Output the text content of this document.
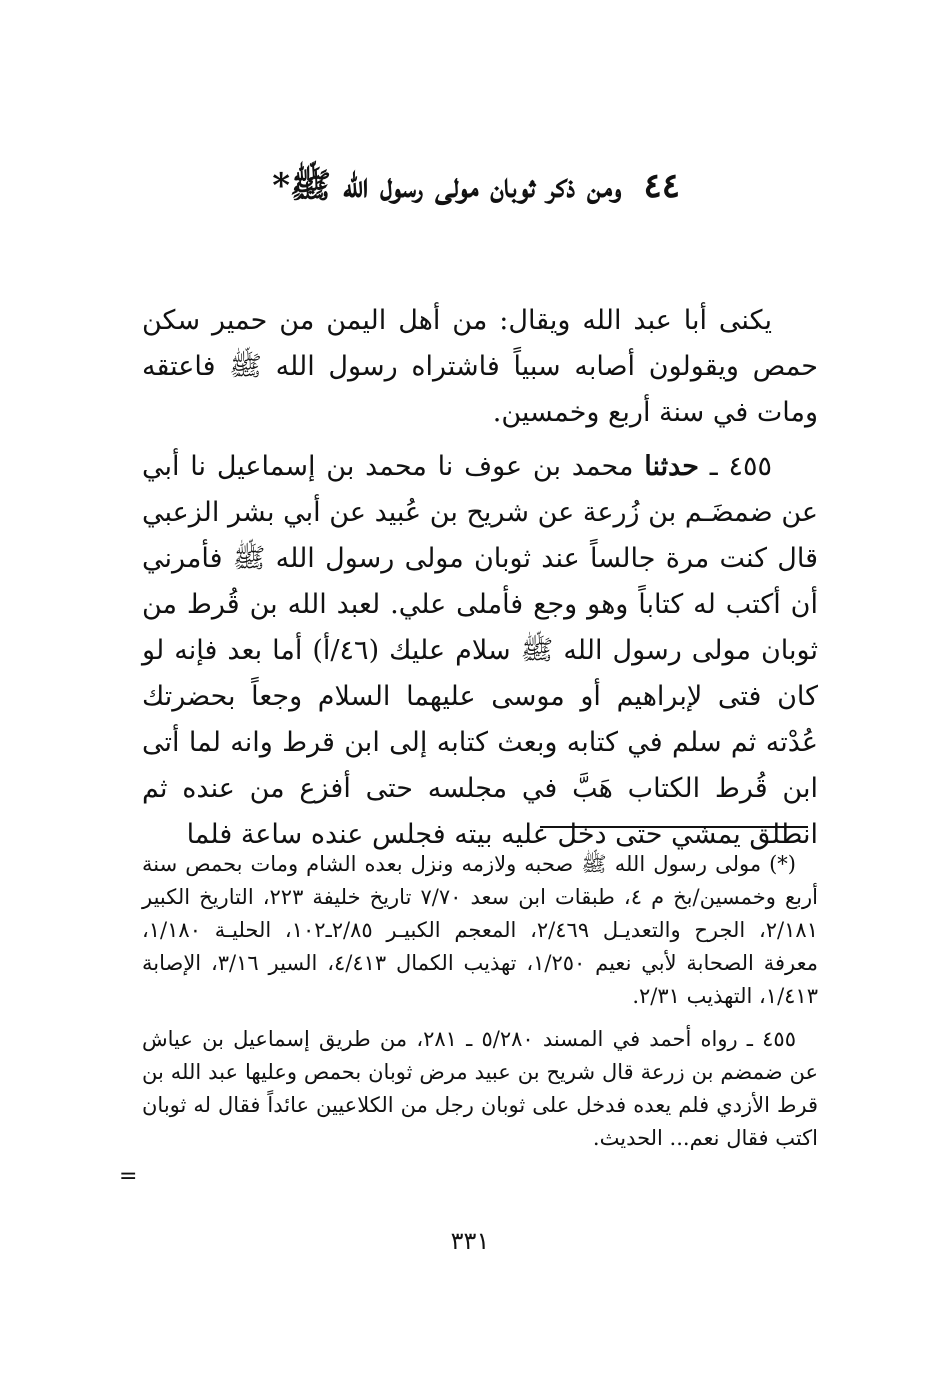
٤٤ومن ذكر ثوبان مولى رسول الله ﷺ*

يكنى أبا عبد الله ويقال: من أهل اليمن من حمير سكن حمص ويقولون أصابه سبياً فاشتراه رسول الله ﷺ فاعتقه ومات في سنة أربع وخمسين.

٤٥٥ ـ حدثنا محمد بن عوف نا محمد بن إسماعيل نا أبي عن ضمضَـم بن زُرعة عن شريح بن عُبيد عن أبي بشر الزعبي قال كنت مرة جالساً عند ثوبان مولى رسول الله ﷺ فأمرني أن أكتب له كتاباً وهو وجع فأملى علي. لعبد الله بن قُرط من ثوبان مولى رسول الله ﷺ سلام عليك (٤٦/أ) أما بعد فإنه لو كان فتى لإبراهيم أو موسى عليهما السلام وجعاً بحضرتك عُدْته ثم سلم في كتابه وبعث كتابه إلى ابن قرط وانه لما أتى ابن قُرط الكتاب هَبَّ في مجلسه حتى أفزع من عنده ثم انطلق يمشي حتى دخل عليه بيته فجلس عنده ساعة فلما

(*) مولى رسول الله ﷺ صحبه ولازمه ونزل بعده الشام ومات بحمص سنة أربع وخمسين/بخ م ٤، طبقات ابن سعد ٧/٧٠ تاريخ خليفة ٢٢٣، التاريخ الكبير ٢/١٨١، الجرح والتعديـل ٢/٤٦٩، المعجم الكبيـر ٢/٨٥ـ١٠٢، الحليـة ١/١٨٠، معرفة الصحابة لأبي نعيم ١/٢٥٠، تهذيب الكمال ٤/٤١٣، السير ٣/١٦، الإصابة ١/٤١٣، التهذيب ٢/٣١.

٤٥٥ ـ رواه أحمد في المسند ٥/٢٨٠ ـ ٢٨١، من طريق إسماعيل بن عياش عن ضمضم بن زرعة قال شريح بن عبيد مرض ثوبان بحمص وعليها عبد الله بن قرط الأزدي فلم يعده فدخل على ثوبان رجل من الكلاعيين عائداً فقال له ثوبان اكتب فقال نعم... الحديث.

=
٣٣١
